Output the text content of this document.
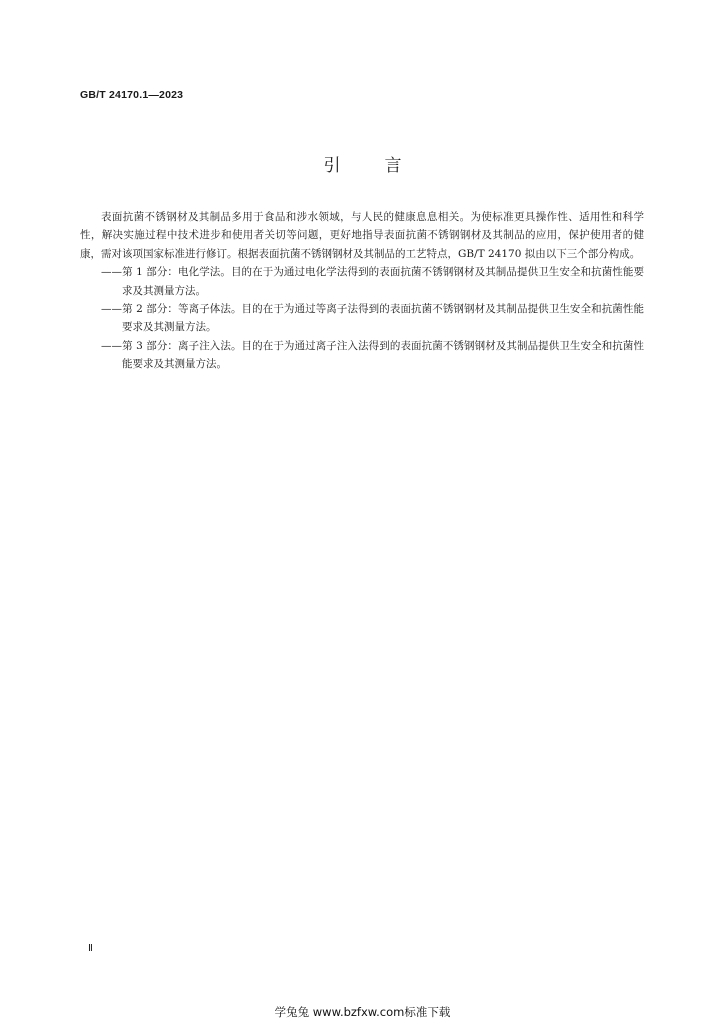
GB/T 24170.1—2023
引言

表面抗菌不锈钢材及其制品多用于食品和涉水领域，与人民的健康息息相关。为使标准更具操作性、适用性和科学性，解决实施过程中技术进步和使用者关切等问题，更好地指导表面抗菌不锈钢钢材及其制品的应用，保护使用者的健康，需对该项国家标准进行修订。根据表面抗菌不锈钢钢材及其制品的工艺特点，GB/T 24170 拟由以下三个部分构成。

——第 1 部分：电化学法。目的在于为通过电化学法得到的表面抗菌不锈钢钢材及其制品提供卫生安全和抗菌性能要求及其测量方法。

——第 2 部分：等离子体法。目的在于为通过等离子法得到的表面抗菌不锈钢钢材及其制品提供卫生安全和抗菌性能要求及其测量方法。

——第 3 部分：离子注入法。目的在于为通过离子注入法得到的表面抗菌不锈钢钢材及其制品提供卫生安全和抗菌性能要求及其测量方法。

Ⅱ
学兔兔 www.bzfxw.com标准下载
